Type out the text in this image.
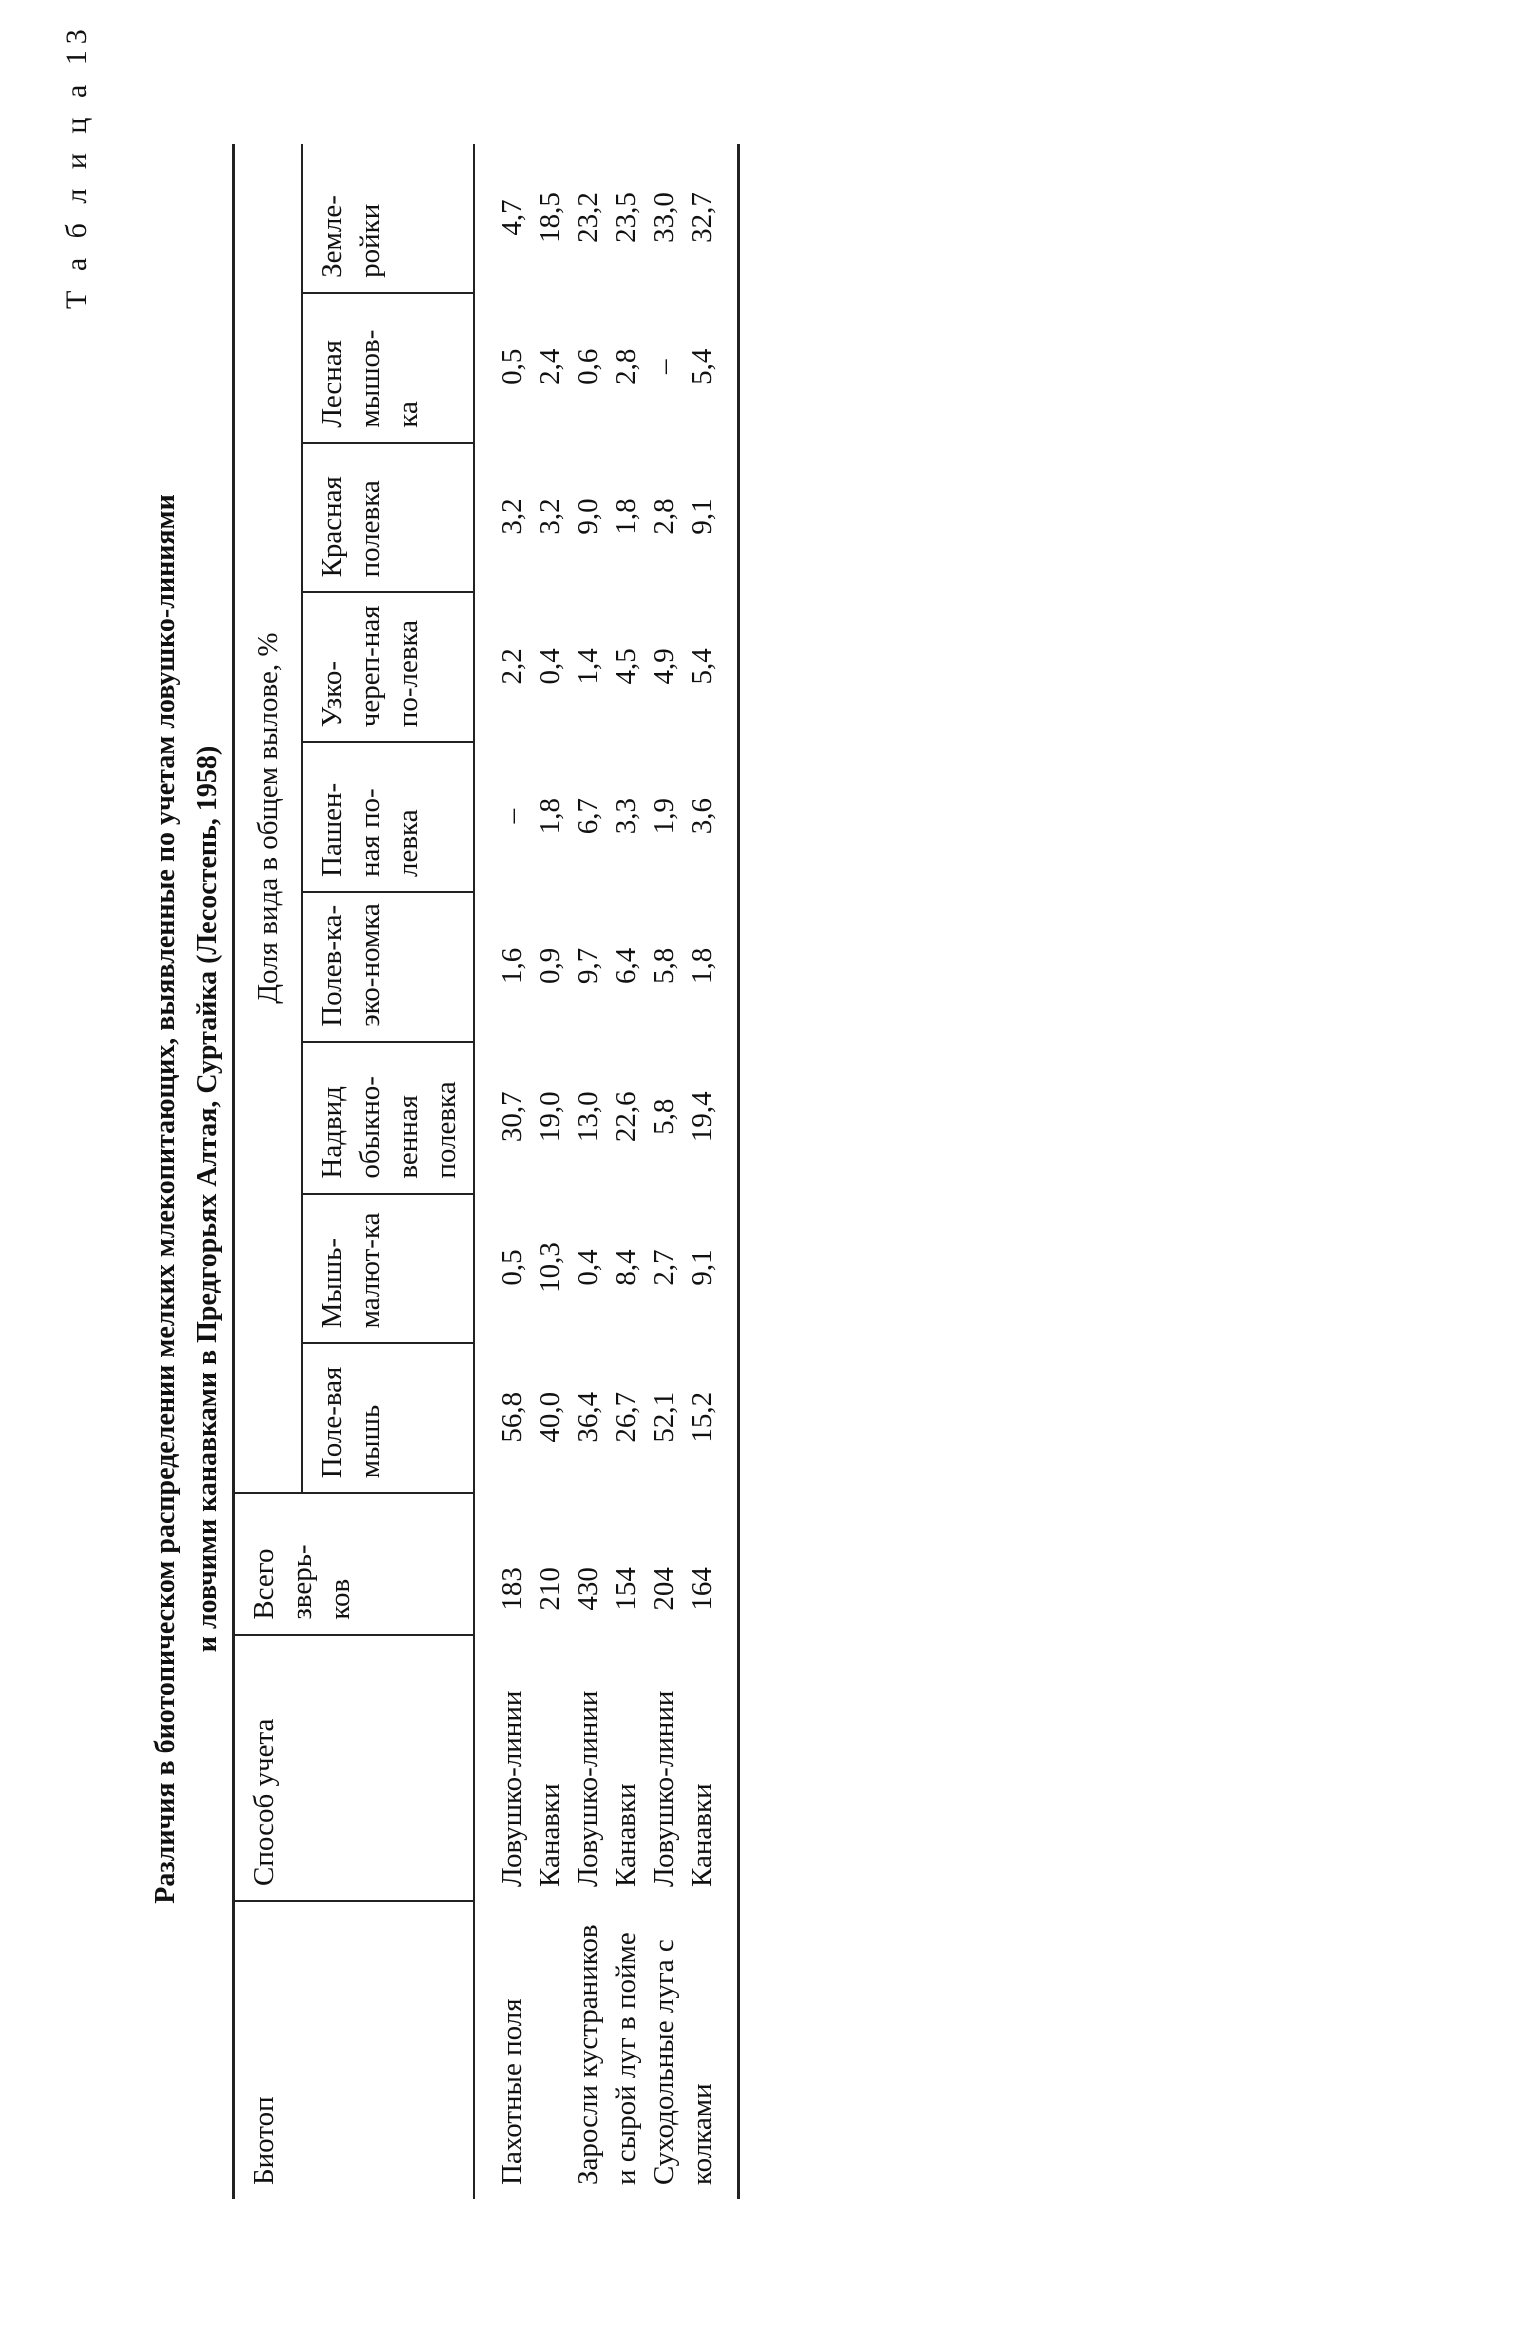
Т а б л и ц а 13
Различия в биотопическом распределении мелких млекопитающих, выявленные по учетам ловушко-линиями и ловчими канавками в Предгорьях Алтая, Суртайка (Лесостепь, 1958)
Биотоп	Способ учета	Всего зверь-ков	Доля вида в общем вылове, %								
			Поле-вая мышь	Мышь-малют-ка	Надвид обыкно-венная полевка	Полев-ка-эко-номка	Пашен-ная по-левка	Узко-череп-ная по-левка	Красная полевка	Лесная мышов-ка	Земле-ройки
Пахотные поля	Ловушко-линии	183	56,8	0,5	30,7	1,6	–	2,2	3,2	0,5	4,7
	Канавки	210	40,0	10,3	19,0	0,9	1,8	0,4	3,2	2,4	18,5
Заросли кустраников	Ловушко-линии	430	36,4	0,4	13,0	9,7	6,7	1,4	9,0	0,6	23,2
и сырой луг в пойме	Канавки	154	26,7	8,4	22,6	6,4	3,3	4,5	1,8	2,8	23,5
Суходольные луга с	Ловушко-линии	204	52,1	2,7	5,8	5,8	1,9	4,9	2,8	–	33,0
колками	Канавки	164	15,2	9,1	19,4	1,8	3,6	5,4	9,1	5,4	32,7
